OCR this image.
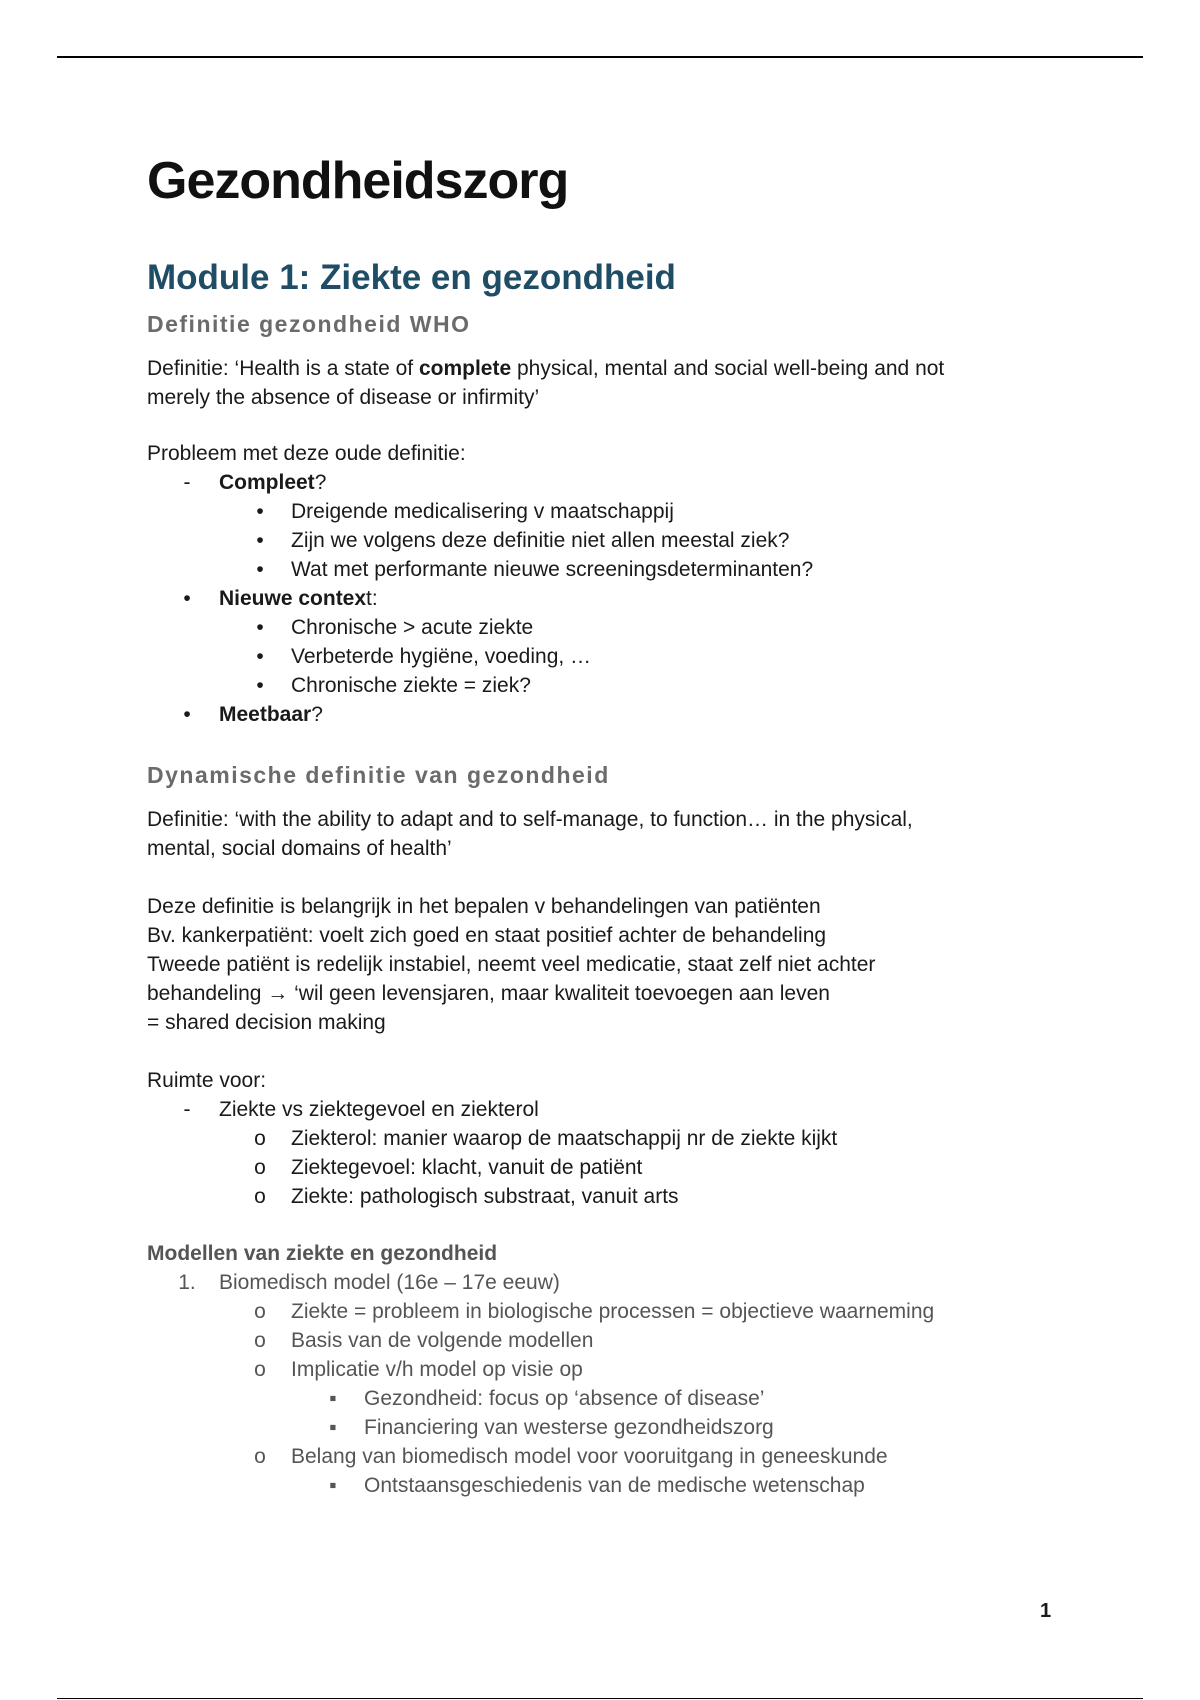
Gezondheidszorg
Module 1: Ziekte en gezondheid
Definitie gezondheid WHO

Definitie: ‘Health is a state of complete physical, mental and social well-being and not
merely the absence of disease or infirmity’

Probleem met deze oude definitie:

-	Compleet?
•	Dreigende medicalisering v maatschappij
•	Zijn we volgens deze definitie niet allen meestal ziek?
•	Wat met performante nieuwe screeningsdeterminanten?
•	Nieuwe context:
•	Chronische > acute ziekte
•	Verbeterde hygiëne, voeding, …
•	Chronische ziekte = ziek?
•	Meetbaar?
Dynamische definitie van gezondheid

Definitie: ‘with the ability to adapt and to self-manage, to function… in the physical,
mental, social domains of health’

Deze definitie is belangrijk in het bepalen v behandelingen van patiënten
Bv. kankerpatiënt: voelt zich goed en staat positief achter de behandeling
Tweede patiënt is redelijk instabiel, neemt veel medicatie, staat zelf niet achter
behandeling → ‘wil geen levensjaren, maar kwaliteit toevoegen aan leven
= shared decision making

Ruimte voor:

-	Ziekte vs ziektegevoel en ziekterol
o Ziekterol: manier waarop de maatschappij nr de ziekte kijkt
o Ziektegevoel: klacht, vanuit de patiënt
o Ziekte: pathologisch substraat, vanuit arts

Modellen van ziekte en gezondheid

1. Biomedisch model (16e – 17e eeuw)
o Ziekte = probleem in biologische processen = objectieve waarneming
o Basis van de volgende modellen
o Implicatie v/h model op visie op
▪ Gezondheid: focus op ‘absence of disease’
▪ Financiering van westerse gezondheidszorg
o Belang van biomedisch model voor vooruitgang in geneeskunde
▪ Ontstaansgeschiedenis van de medische wetenschap
1
